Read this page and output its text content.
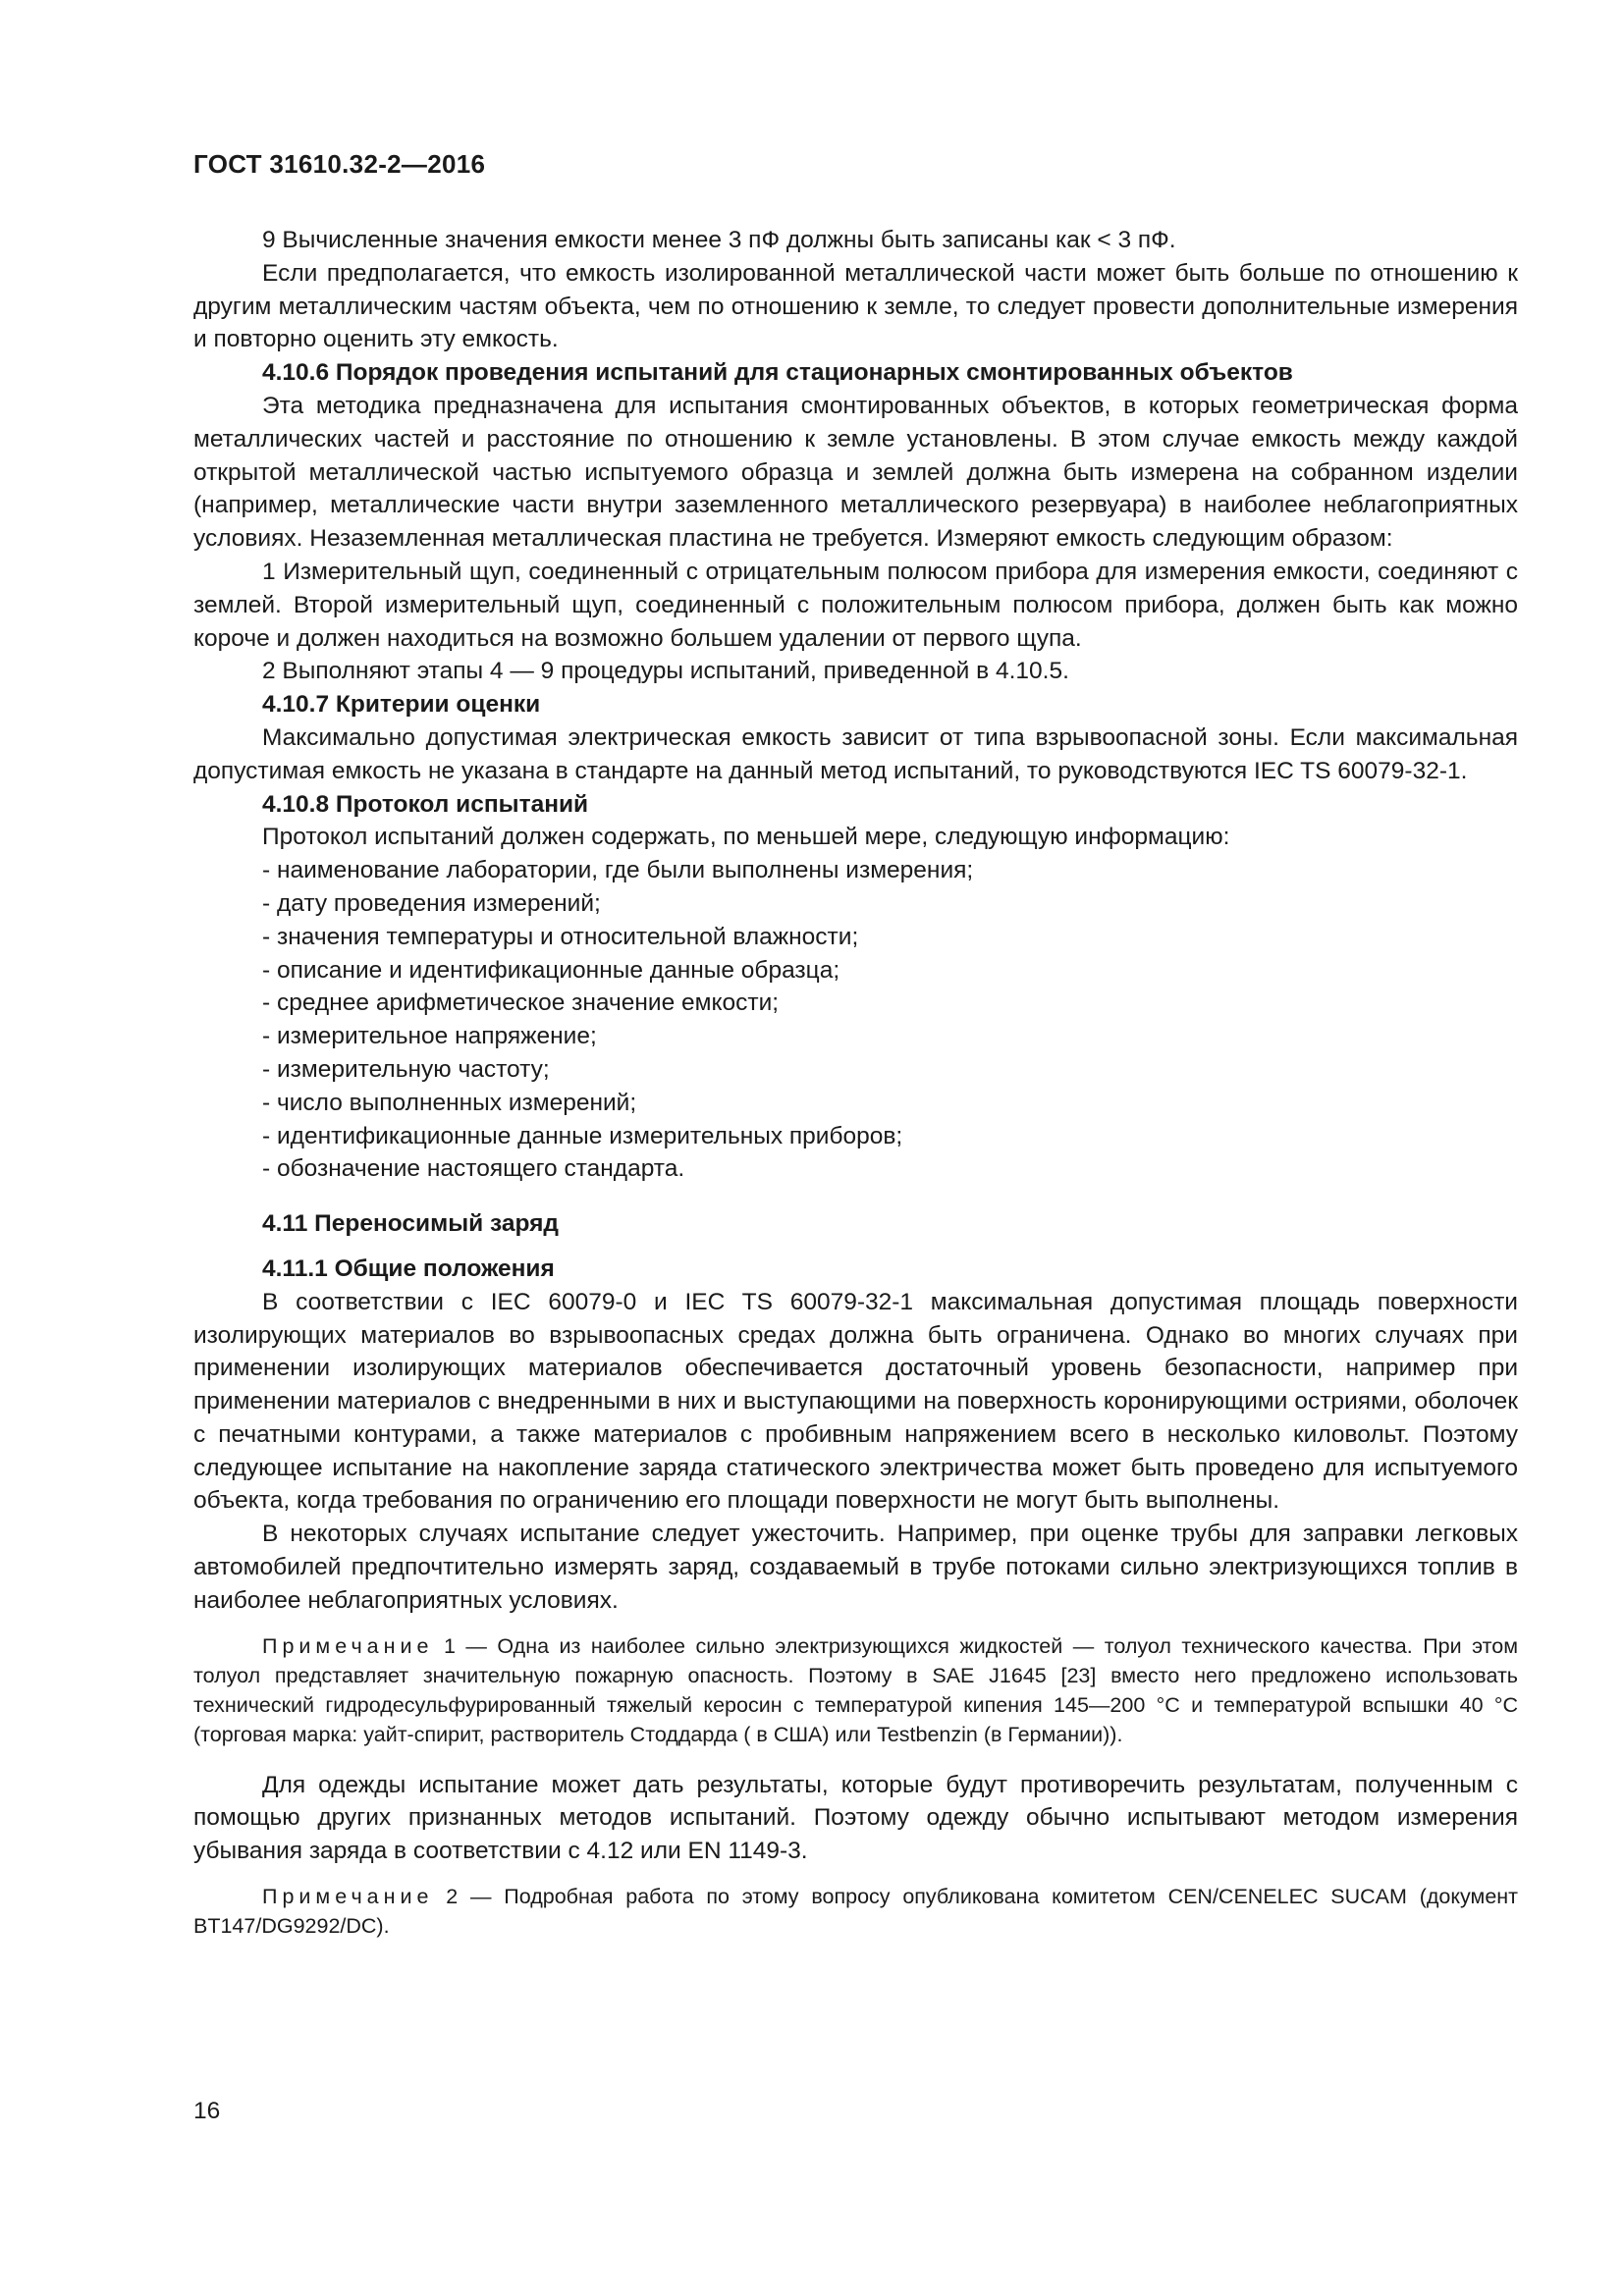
ГОСТ 31610.32-2—2016

9 Вычисленные значения емкости менее 3 пФ должны быть записаны как < 3 пФ.

Если предполагается, что емкость изолированной металлической части может быть больше по отношению к другим металлическим частям объекта, чем по отношению к земле, то следует провести дополнительные измерения и повторно оценить эту емкость.

4.10.6 Порядок проведения испытаний для стационарных смонтированных объектов

Эта методика предназначена для испытания смонтированных объектов, в которых геометрическая форма металлических частей и расстояние по отношению к земле установлены. В этом случае емкость между каждой открытой металлической частью испытуемого образца и землей должна быть измерена на собранном изделии (например, металлические части внутри заземленного металлического резервуара) в наиболее неблагоприятных условиях. Незаземленная металлическая пластина не требуется. Измеряют емкость следующим образом:

1 Измерительный щуп, соединенный с отрицательным полюсом прибора для измерения емкости, соединяют с землей. Второй измерительный щуп, соединенный с положительным полюсом прибора, должен быть как можно короче и должен находиться на возможно большем удалении от первого щупа.

2 Выполняют этапы 4 — 9 процедуры испытаний, приведенной в 4.10.5.

4.10.7 Критерии оценки

Максимально допустимая электрическая емкость зависит от типа взрывоопасной зоны. Если максимальная допустимая емкость не указана в стандарте на данный метод испытаний, то руководствуются IEC TS 60079-32-1.

4.10.8 Протокол испытаний

Протокол испытаний должен содержать, по меньшей мере, следующую информацию:

- наименование лаборатории, где были выполнены измерения;

- дату проведения измерений;

- значения температуры и относительной влажности;

- описание и идентификационные данные образца;

- среднее арифметическое значение емкости;

- измерительное напряжение;

- измерительную частоту;

- число выполненных измерений;

- идентификационные данные измерительных приборов;

- обозначение настоящего стандарта.

4.11 Переносимый заряд

4.11.1 Общие положения

В соответствии с IEC 60079-0 и IEC TS 60079-32-1 максимальная допустимая площадь поверхности изолирующих материалов во взрывоопасных средах должна быть ограничена. Однако во многих случаях при применении изолирующих материалов обеспечивается достаточный уровень безопасности, например при применении материалов с внедренными в них и выступающими на поверхность коронирующими остриями, оболочек с печатными контурами, а также материалов с пробивным напряжением всего в несколько киловольт. Поэтому следующее испытание на накопление заряда статического электричества может быть проведено для испытуемого объекта, когда требования по ограничению его площади поверхности не могут быть выполнены.

В некоторых случаях испытание следует ужесточить. Например, при оценке трубы для заправки легковых автомобилей предпочтительно измерять заряд, создаваемый в трубе потоками сильно электризующихся топлив в наиболее неблагоприятных условиях.

Примечание 1 — Одна из наиболее сильно электризующихся жидкостей — толуол технического качества. При этом толуол представляет значительную пожарную опасность. Поэтому в SAE J1645 [23] вместо него предложено использовать технический гидродесульфурированный тяжелый керосин с температурой кипения 145—200 °С и температурой вспышки 40 °С (торговая марка: уайт-спирит, растворитель Стоддарда ( в США) или Testbenzin (в Германии)).

Для одежды испытание может дать результаты, которые будут противоречить результатам, полученным с помощью других признанных методов испытаний. Поэтому одежду обычно испытывают методом измерения убывания заряда в соответствии с 4.12 или EN 1149-3.

Примечание 2 — Подробная работа по этому вопросу опубликована комитетом CEN/CENELEC SUCAM (документ BT147/DG9292/DC).

16
